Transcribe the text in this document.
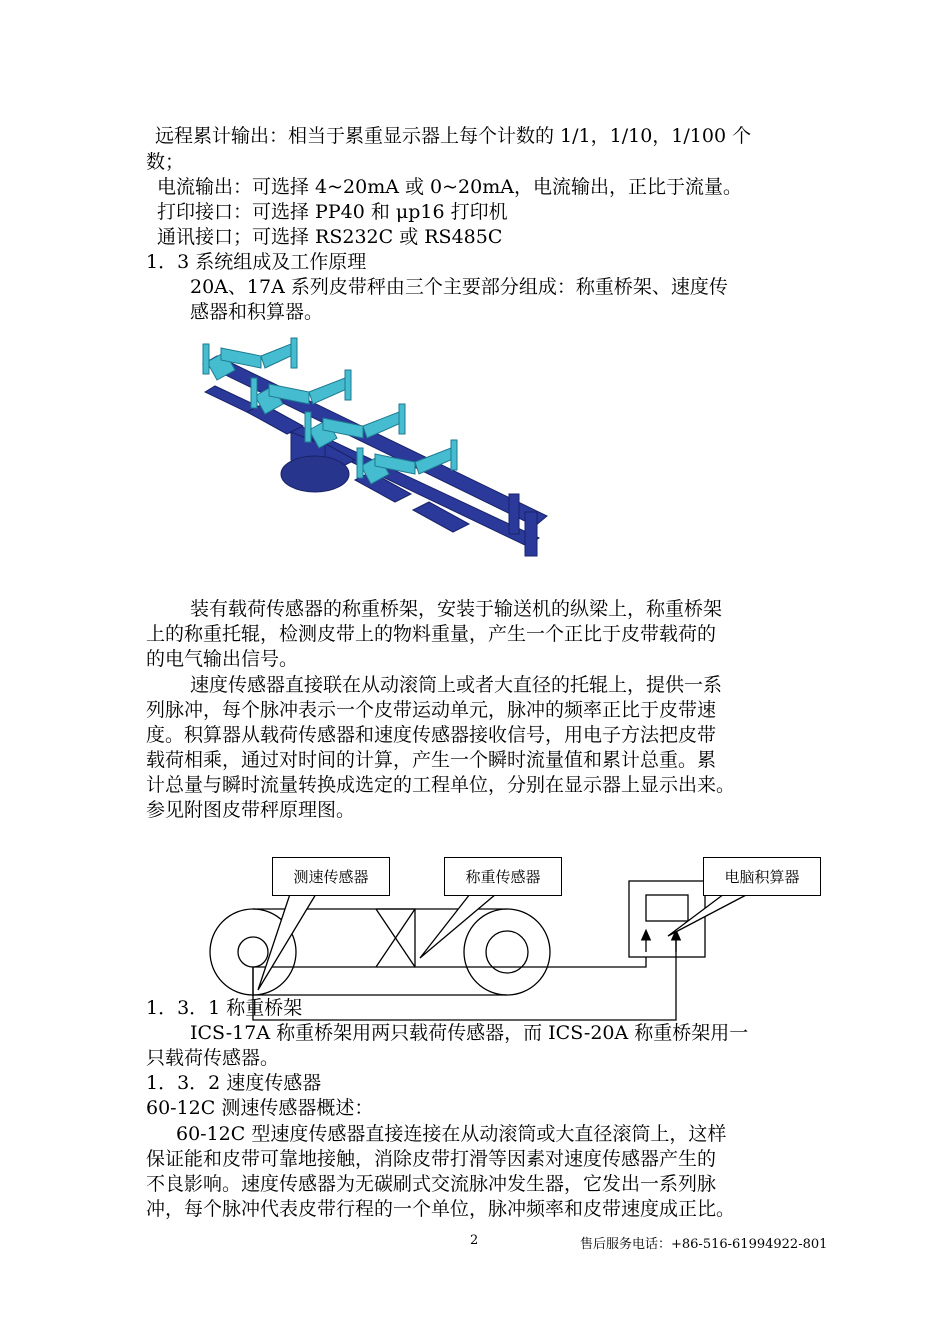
远程累计输出：相当于累重显示器上每个计数的 1/1，1/10，1/100 个
数；
电流输出：可选择 4~20mA 或 0~20mA，电流输出，正比于流量。
打印接口：可选择 PP40 和 μp16 打印机
通讯接口；可选择 RS232C 或 RS485C
1．3 系统组成及工作原理
20A、17A 系列皮带秤由三个主要部分组成：称重桥架、速度传
感器和积算器。
装有载荷传感器的称重桥架，安装于输送机的纵梁上，称重桥架
上的称重托辊，检测皮带上的物料重量，产生一个正比于皮带载荷的
的电气输出信号。
速度传感器直接联在从动滚筒上或者大直径的托辊上，提供一系
列脉冲，每个脉冲表示一个皮带运动单元，脉冲的频率正比于皮带速
度。积算器从载荷传感器和速度传感器接收信号，用电子方法把皮带
载荷相乘，通过对时间的计算，产生一个瞬时流量值和累计总重。累
计总量与瞬时流量转换成选定的工程单位，分别在显示器上显示出来。
参见附图皮带秤原理图。
测速传感器	称重传感器	电脑积算器
1．3．1 称重桥架
ICS-17A 称重桥架用两只载荷传感器，而 ICS-20A 称重桥架用一
只载荷传感器。
1．3．2 速度传感器
60-12C 测速传感器概述：
60-12C 型速度传感器直接连接在从动滚筒或大直径滚筒上，这样
保证能和皮带可靠地接触，消除皮带打滑等因素对速度传感器产生的
不良影响。速度传感器为无碳刷式交流脉冲发生器，它发出一系列脉
冲，每个脉冲代表皮带行程的一个单位，脉冲频率和皮带速度成正比。
2	售后服务电话：+86-516-61994922-801
